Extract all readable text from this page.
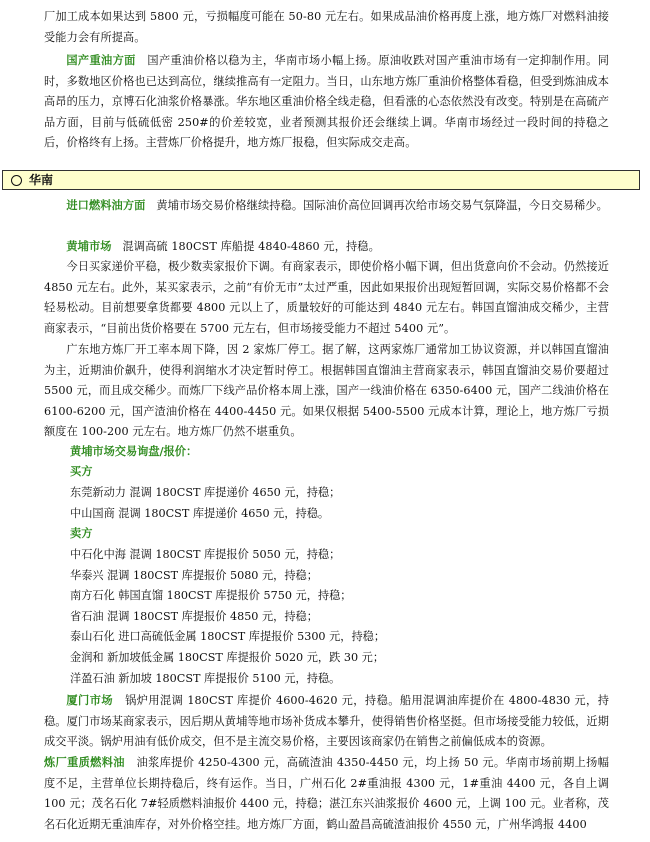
厂加工成本如果达到 5800 元，亏损幅度可能在 50-80 元左右。如果成品油价格再度上涨，地方炼厂对燃料油接受能力会有所提高。

国产重油方面 国产重油价格以稳为主，华南市场小幅上扬。原油收跌对国产重油市场有一定抑制作用。同时，多数地区价格也已达到高位，继续推高有一定阻力。当日，山东地方炼厂重油价格整体看稳，但受到炼油成本高昂的压力，京博石化油浆价格暴涨。华东地区重油价格全线走稳，但看涨的心态依然没有改变。特别是在高硫产品方面，目前与低硫低密 250#的价差较宽，业者预测其报价还会继续上调。华南市场经过一段时间的持稳之后，价格终有上扬。主营炼厂价格提升，地方炼厂报稳，但实际成交走高。

华南

进口燃料油方面 黄埔市场交易价格继续持稳。国际油价高位回调再次给市场交易气氛降温，今日交易稀少。

黄埔市场 混调高硫 180CST 库船提 4840-4860 元，持稳。

今日买家递价平稳，极少数卖家报价下调。有商家表示，即使价格小幅下调，但出货意向价不会动。仍然接近 4850 元左右。此外，某买家表示，之前“有价无市”太过严重，因此如果报价出现短暂回调，实际交易价格都不会轻易松动。目前想要拿货都要 4800 元以上了，质量较好的可能达到 4840 元左右。韩国直馏油成交稀少，主营商家表示，“目前出货价格要在 5700 元左右，但市场接受能力不超过 5400 元”。

广东地方炼厂开工率本周下降，因 2 家炼厂停工。据了解，这两家炼厂通常加工协议资源，并以韩国直馏油为主，近期油价飙升，使得利润缩水才决定暂时停工。根据韩国直馏油主营商家表示，韩国直馏油交易价要超过 5500 元，而且成交稀少。而炼厂下线产品价格本周上涨，国产一线油价格在 6350-6400 元，国产二线油价格在 6100-6200 元，国产渣油价格在 4400-4450 元。如果仅根据 5400-5500 元成本计算，理论上，地方炼厂亏损额度在 100-200 元左右。地方炼厂仍然不堪重负。

黄埔市场交易询盘/报价：
买方
东莞新动力 混调 180CST 库提递价 4650 元，持稳；
中山国商 混调 180CST 库提递价 4650 元，持稳。
卖方
中石化中海 混调 180CST 库提报价 5050 元，持稳；
华泰兴 混调 180CST 库提报价 5080 元，持稳；
南方石化 韩国直馏 180CST 库提报价 5750 元，持稳；
省石油 混调 180CST 库提报价 4850 元，持稳；
泰山石化 进口高硫低金属 180CST 库提报价 5300 元，持稳；
金润和 新加坡低金属 180CST 库提报价 5020 元，跌 30 元；
洋盈石油 新加坡 180CST 库提报价 5100 元，持稳。

厦门市场 锅炉用混调 180CST 库提价 4600-4620 元，持稳。船用混调油库提价在 4800-4830 元，持稳。厦门市场某商家表示，因后期从黄埔等地市场补货成本攀升，使得销售价格坚挺。但市场接受能力较低，近期成交平淡。锅炉用油有低价成交，但不是主流交易价格，主要因该商家仍在销售之前偏低成本的资源。

炼厂重质燃料油 油浆库提价 4250-4300 元，高硫渣油 4350-4450 元，均上扬 50 元。华南市场前期上扬幅度不足，主营单位长期持稳后，终有运作。当日，广州石化 2#重油报 4300 元，1#重油 4400 元，各自上调 100 元；茂名石化 7#轻质燃料油报价 4400 元，持稳；湛江东兴油浆报价 4600 元，上调 100 元。业者称，茂名石化近期无重油库存，对外价格空挂。地方炼厂方面，鹤山盈昌高硫渣油报价 4550 元，广州华鸿报 4400
